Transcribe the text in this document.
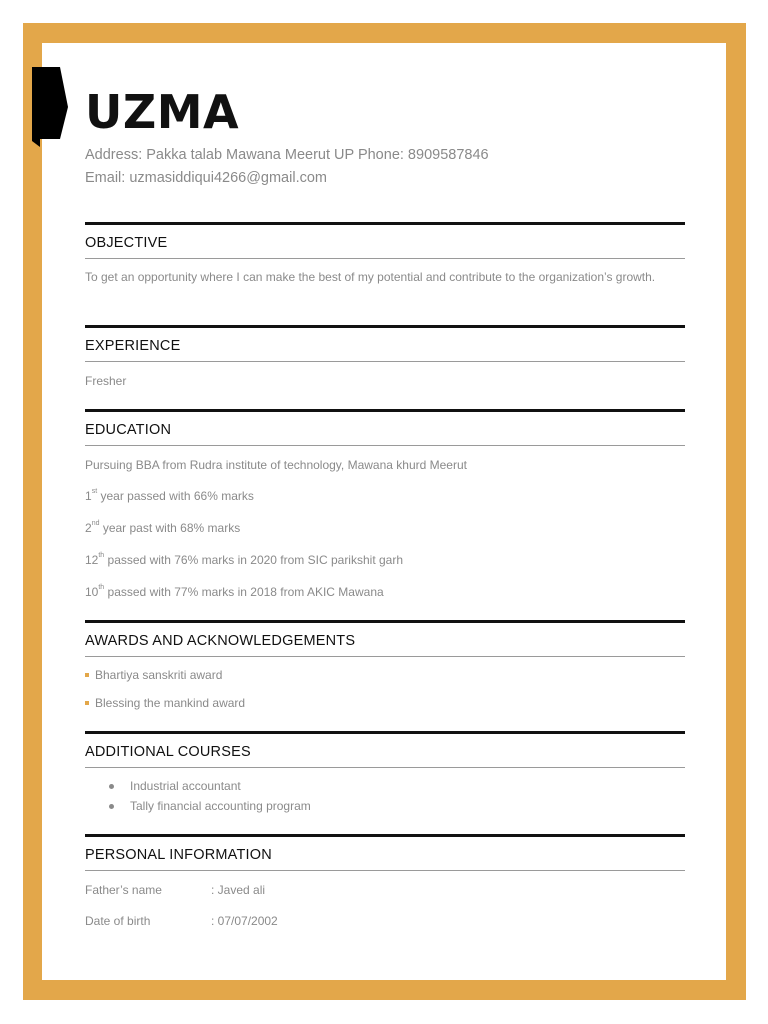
UZMA
Address: Pakka talab Mawana Meerut UP Phone: 8909587846
Email: uzmasiddiqui4266@gmail.com
OBJECTIVE
To get an opportunity where I can make the best of my potential and contribute to the organization’s growth.
EXPERIENCE
Fresher
EDUCATION
Pursuing BBA from Rudra institute of technology, Mawana khurd Meerut
1st year passed with 66% marks
2nd year past with 68% marks
12th passed with 76% marks in 2020 from SIC parikshit garh
10th passed with 77% marks in 2018 from AKIC Mawana
AWARDS AND ACKNOWLEDGEMENTS
Bhartiya sanskriti award
Blessing the mankind award
ADDITIONAL COURSES
Industrial accountant
Tally financial accounting program
PERSONAL INFORMATION
Father’s name	: Javed ali
Date of birth	: 07/07/2002
